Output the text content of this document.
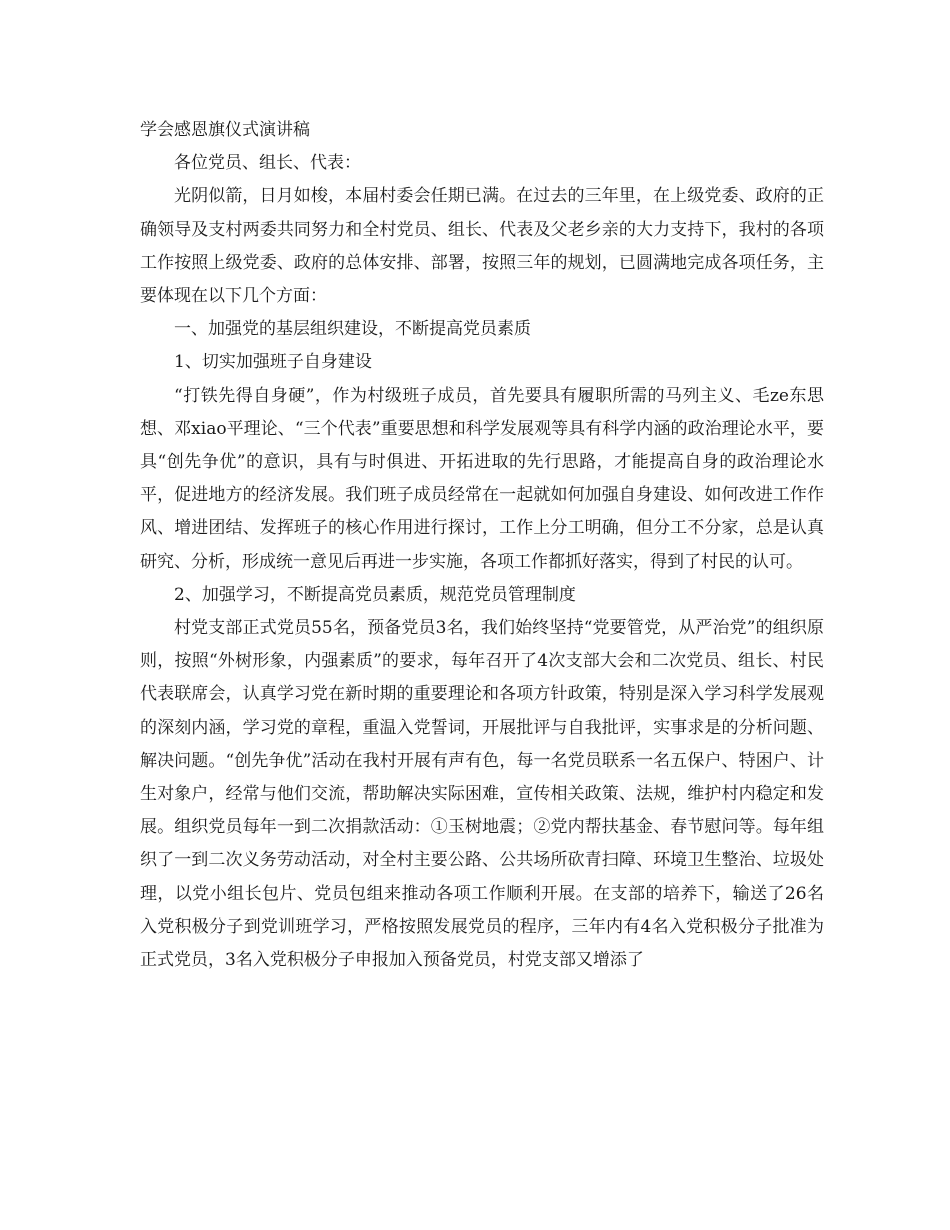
学会感恩旗仪式演讲稿

各位党员、组长、代表：

光阴似箭，日月如梭，本届村委会任期已满。在过去的三年里，在上级党委、政府的正确领导及支村两委共同努力和全村党员、组长、代表及父老乡亲的大力支持下，我村的各项工作按照上级党委、政府的总体安排、部署，按照三年的规划，已圆满地完成各项任务，主要体现在以下几个方面：

一、加强党的基层组织建设，不断提高党员素质

1、切实加强班子自身建设

“打铁先得自身硬”，作为村级班子成员，首先要具有履职所需的马列主义、毛ze东思想、邓xiao平理论、“三个代表”重要思想和科学发展观等具有科学内涵的政治理论水平，要具“创先争优”的意识，具有与时俱进、开拓进取的先行思路，才能提高自身的政治理论水平，促进地方的经济发展。我们班子成员经常在一起就如何加强自身建设、如何改进工作作风、增进团结、发挥班子的核心作用进行探讨，工作上分工明确，但分工不分家，总是认真研究、分析，形成统一意见后再进一步实施，各项工作都抓好落实，得到了村民的认可。

2、加强学习，不断提高党员素质，规范党员管理制度

村党支部正式党员55名，预备党员3名，我们始终坚持“党要管党，从严治党”的组织原则，按照“外树形象，内强素质”的要求，每年召开了4次支部大会和二次党员、组长、村民代表联席会，认真学习党在新时期的重要理论和各项方针政策，特别是深入学习科学发展观的深刻内涵，学习党的章程，重温入党誓词，开展批评与自我批评，实事求是的分析问题、解决问题。“创先争优”活动在我村开展有声有色，每一名党员联系一名五保户、特困户、计生对象户，经常与他们交流，帮助解决实际困难，宣传相关政策、法规，维护村内稳定和发展。组织党员每年一到二次捐款活动：①玉树地震；②党内帮扶基金、春节慰问等。每年组织了一到二次义务劳动活动，对全村主要公路、公共场所砍青扫障、环境卫生整治、垃圾处理，以党小组长包片、党员包组来推动各项工作顺利开展。在支部的培养下，输送了26名入党积极分子到党训班学习，严格按照发展党员的程序，三年内有4名入党积极分子批准为正式党员，3名入党积极分子申报加入预备党员，村党支部又增添了
